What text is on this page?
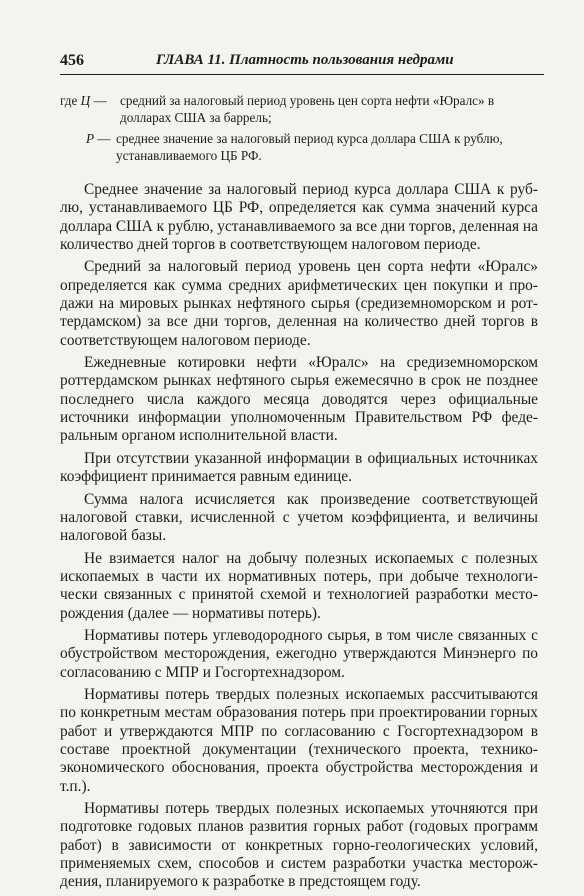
456	ГЛАВА 11. Платность пользования недрами
где Ц — средний за налоговый период уровень цен сорта нефти «Юралс» в долларах США за баррель;
Р — среднее значение за налоговый период курса доллара США к рублю, устанавливаемого ЦБ РФ.

Среднее значение за налоговый период курса доллара США к рублю, устанавливаемого ЦБ РФ, определяется как сумма значений курса доллара США к рублю, устанавливаемого за все дни торгов, деленная на количество дней торгов в соответствующем налоговом периоде.

Средний за налоговый период уровень цен сорта нефти «Юралс» определяется как сумма средних арифметических цен покупки и продажи на мировых рынках нефтяного сырья (средиземноморском и роттердамском) за все дни торгов, деленная на количество дней торгов в соответствующем налоговом периоде.

Ежедневные котировки нефти «Юралс» на средиземноморском роттердамском рынках нефтяного сырья ежемесячно в срок не позднее последнего числа каждого месяца доводятся через официальные источники информации уполномоченным Правительством РФ федеральным органом исполнительной власти.

При отсутствии указанной информации в официальных источниках коэффициент принимается равным единице.

Сумма налога исчисляется как произведение соответствующей налоговой ставки, исчисленной с учетом коэффициента, и величины налоговой базы.

Не взимается налог на добычу полезных ископаемых с полезных ископаемых в части их нормативных потерь, при добыче технологически связанных с принятой схемой и технологией разработки месторождения (далее — нормативы потерь).

Нормативы потерь углеводородного сырья, в том числе связанных с обустройством месторождения, ежегодно утверждаются Минэнерго по согласованию с МПР и Госгортехнадзором.

Нормативы потерь твердых полезных ископаемых рассчитываются по конкретным местам образования потерь при проектировании горных работ и утверждаются МПР по согласованию с Госгортехнадзором в составе проектной документации (технического проекта, технико-экономического обоснования, проекта обустройства месторождения и т.п.).

Нормативы потерь твердых полезных ископаемых уточняются при подготовке годовых планов развития горных работ (годовых программ работ) в зависимости от конкретных горно-геологических условий, применяемых схем, способов и систем разработки участка месторождения, планируемого к разработке в предстоящем году.
